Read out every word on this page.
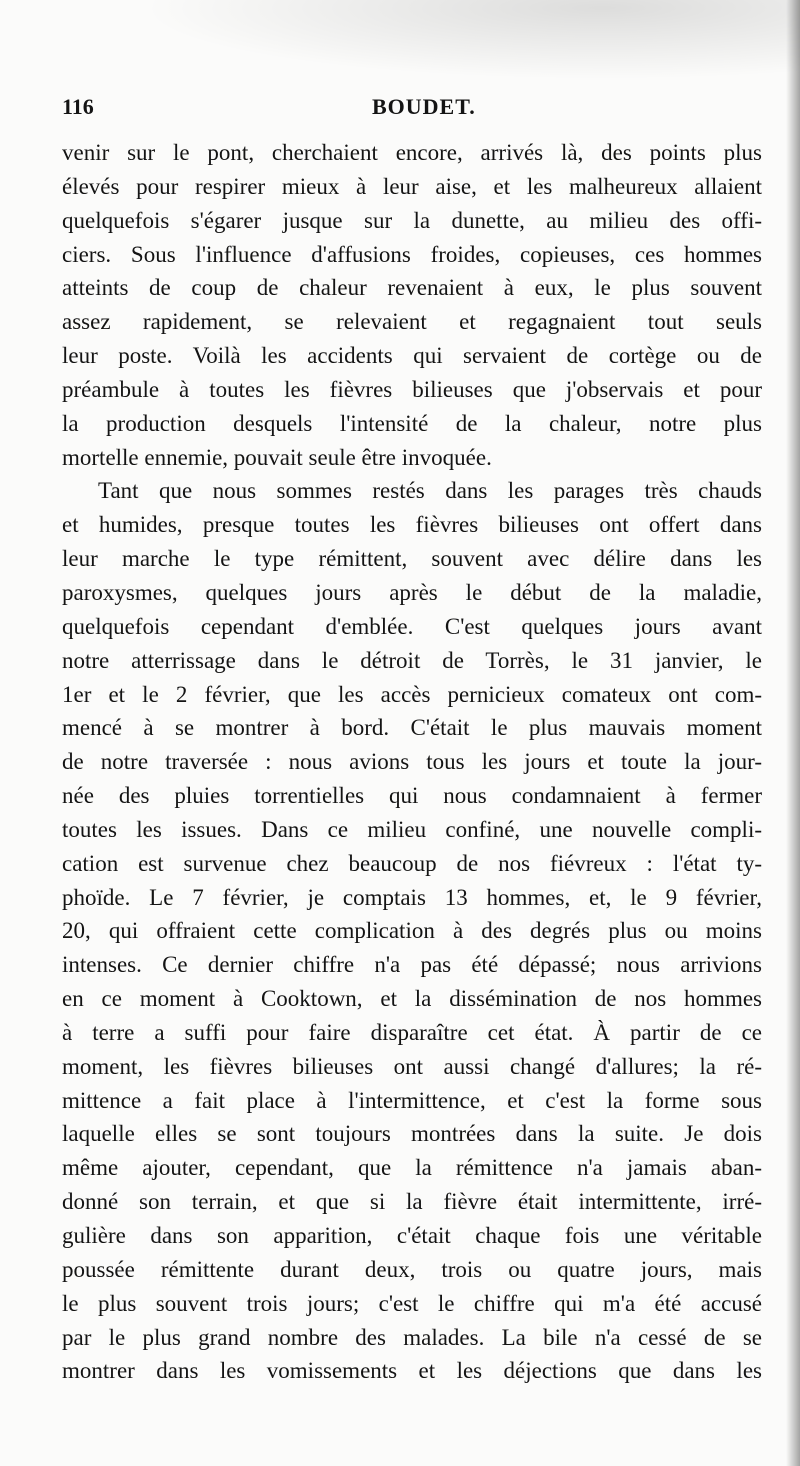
116	BOUDET.
venir sur le pont, cherchaient encore, arrivés là, des points plus
élevés pour respirer mieux à leur aise, et les malheureux allaient
quelquefois s'égarer jusque sur la dunette, au milieu des offi-
ciers. Sous l'influence d'affusions froides, copieuses, ces hommes
atteints de coup de chaleur revenaient à eux, le plus souvent
assez rapidement, se relevaient et regagnaient tout seuls
leur poste. Voilà les accidents qui servaient de cortège ou de
préambule à toutes les fièvres bilieuses que j'observais et pour
la production desquels l'intensité de la chaleur, notre plus
mortelle ennemie, pouvait seule être invoquée.
Tant que nous sommes restés dans les parages très chauds
et humides, presque toutes les fièvres bilieuses ont offert dans
leur marche le type rémittent, souvent avec délire dans les
paroxysmes, quelques jours après le début de la maladie,
quelquefois cependant d'emblée. C'est quelques jours avant
notre atterrissage dans le détroit de Torrès, le 31 janvier, le
1er et le 2 février, que les accès pernicieux comateux ont com-
mencé à se montrer à bord. C'était le plus mauvais moment
de notre traversée : nous avions tous les jours et toute la jour-
née des pluies torrentielles qui nous condamnaient à fermer
toutes les issues. Dans ce milieu confiné, une nouvelle compli-
cation est survenue chez beaucoup de nos fiévreux : l'état ty-
phoïde. Le 7 février, je comptais 13 hommes, et, le 9 février,
20, qui offraient cette complication à des degrés plus ou moins
intenses. Ce dernier chiffre n'a pas été dépassé; nous arrivions
en ce moment à Cooktown, et la dissémination de nos hommes
à terre a suffi pour faire disparaître cet état. À partir de ce
moment, les fièvres bilieuses ont aussi changé d'allures; la ré-
mittence a fait place à l'intermittence, et c'est la forme sous
laquelle elles se sont toujours montrées dans la suite. Je dois
même ajouter, cependant, que la rémittence n'a jamais aban-
donné son terrain, et que si la fièvre était intermittente, irré-
gulière dans son apparition, c'était chaque fois une véritable
poussée rémittente durant deux, trois ou quatre jours, mais
le plus souvent trois jours; c'est le chiffre qui m'a été accusé
par le plus grand nombre des malades. La bile n'a cessé de se
montrer dans les vomissements et les déjections que dans les
